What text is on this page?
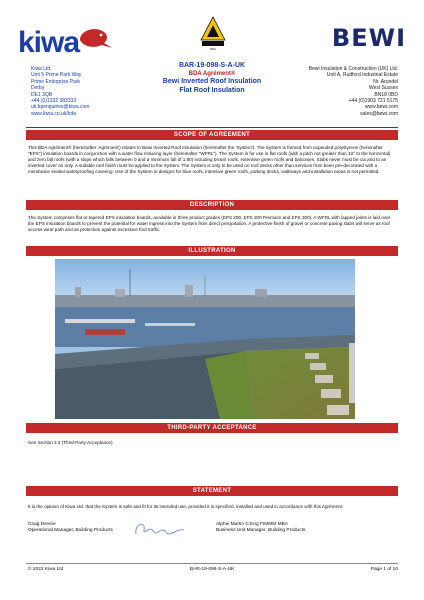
kiwa	BBA	BEWI
Kiwa Ltd.
Unit 5 Prime Park Way
Prime Enterprise Park
Derby
DE1 3QB
+44 (0)1332 383333
uk.bpenquiries@kiwa.com
www.kiwa.co.uk/bda
BAR-19-098-S-A-UK
BDA Agrément®
Bewi Inverted Roof Insulation
Flat Roof Insulation
Bewi Insulation & Construction (UK) Ltd.
Unit A, Rudford Industrial Estate
Nr. Arundel
West Sussex
BN18 0BD
+44 (0)1903 721 5175
www.bewi.com
sales@bewi.com
SCOPE OF AGREEMENT
This BDA Agrément® (hereinafter 'Agrément') relates to Bewi Inverted Roof Insulation (hereinafter the 'System'). The System is formed from expanded polystyrene (hereinafter "EPS") insulation boards in conjunction with a water flow reducing layer (hereinafter "WFRL"). The System is for use in flat roofs (with a pitch not greater than 10° to the horizontal) and zero fall roofs (with a slope which falls between 0 and a minimum fall of 1:80) including brown roofs, extensive green roofs and balconies. Slabs never must be cut and to an inverted cover on only. A suitable roof finish must be applied to the System. The System is only to be used on roof decks other than services from been pre-decorated with a membrane sealed waterproofing covering. Use of the System in designs for blue roofs, intensive green roofs, parking decks, walkways and installation areas is not permitted.
DESCRIPTION
The System comprises flat or tapered EPS insulation boards, available in three product grades (EPS 200, EPS 300 Premium and EPS 300). A WFRL with lapped joints is laid over the EPS insulation boards to prevent the potential for water ingress into the System from direct precipitation. A protective finish of gravel or concrete paving slabs will serve as roof access wear path and as protection against excessive foot traffic.
ILLUSTRATION
THIRD-PARTY ACCEPTANCE
See Section 3.3 (Third-Party Acceptance).
STATEMENT
It is the opinion of Kiwa Ltd. that the System is safe and fit for its intended use, provided it is specified, installed and used in accordance with this Agrément.
Craig Devine
Operational Manager, Building Products
Alphei Martin C.Eng FIMMM MBA
Business Unit Manager, Building Products
© 2022 Kiwa Ltd	BAR-19-098-S-A-UK	Page 1 of 10
